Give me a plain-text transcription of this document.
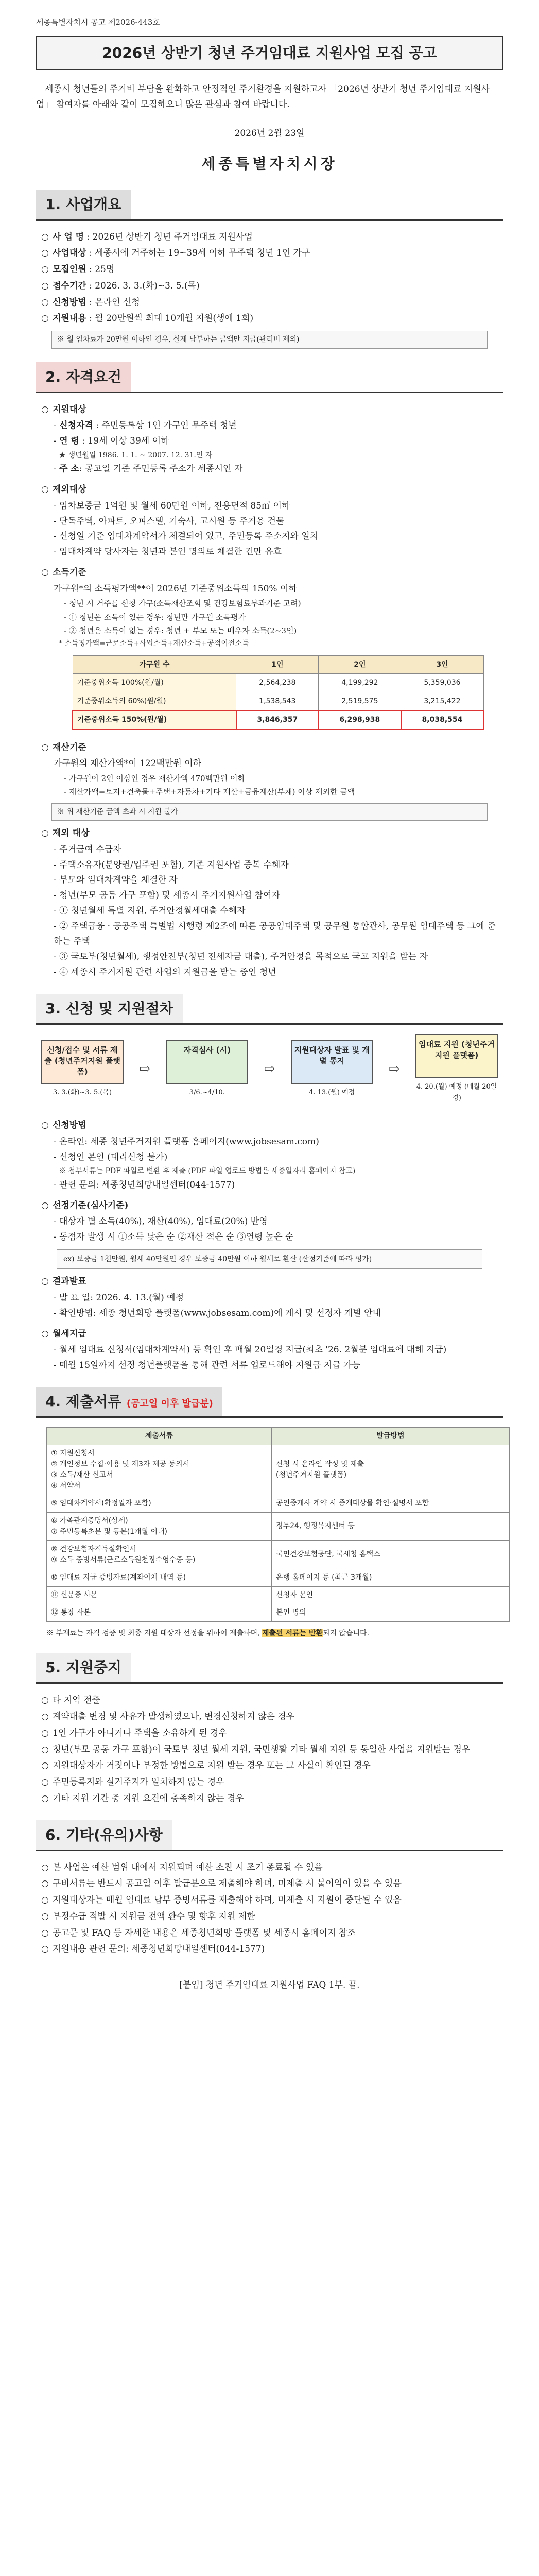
세종특별자치시 공고 제2026-443호
2026년 상반기 청년 주거임대료 지원사업 모집 공고

세종시 청년들의 주거비 부담을 완화하고 안정적인 주거환경을 지원하고자 「2026년 상반기 청년 주거임대료 지원사업」 참여자를 아래와 같이 모집하오니 많은 관심과 참여 바랍니다.

2026년 2월 23일
세종특별자치시장
1. 사업개요
○ 사 업 명 : 2026년 상반기 청년 주거임대료 지원사업
○ 사업대상 : 세종시에 거주하는 19~39세 이하 무주택 청년 1인 가구
○ 모집인원 : 25명
○ 접수기간 : 2026. 3. 3.(화)~3. 5.(목)
○ 신청방법 : 온라인 신청
○ 지원내용 : 월 20만원씩 최대 10개월 지원(생애 1회)
※ 월 임차료가 20만원 이하인 경우, 실제 납부하는 금액만 지급(관리비 제외)
2. 자격요건
○ 지원대상
- 신청자격 : 주민등록상 1인 가구인 무주택 청년
- 연 령 : 19세 이상 39세 이하
★ 생년월일 1986. 1. 1. ~ 2007. 12. 31.인 자
- 주 소: 공고일 기준 주민등록 주소가 세종시인 자
○ 제외대상
- 임차보증금 1억원 및 월세 60만원 이하, 전용면적 85㎡ 이하
- 단독주택, 아파트, 오피스텔, 기숙사, 고시원 등 주거용 건물
- 신청일 기준 임대차계약서가 체결되어 있고, 주민등록 주소지와 일치
- 임대차계약 당사자는 청년과 본인 명의로 체결한 건만 유효
○ 소득기준
가구원*의 소득평가액**이 2026년 기준중위소득의 150% 이하
- 청년 시 거주를 신청 가구(소득재산조회 및 건강보험료부과기준 고려)
- ① 청년은 소득이 있는 경우: 청년만 가구원 소득평가
- ② 청년은 소득이 없는 경우: 청년 + 부모 또는 배우자 소득(2~3인)
* 소득평가액=근로소득+사업소득+재산소득+공적이전소득
가구원 수	1인	2인	3인
기준중위소득 100%(원/월)	2,564,238	4,199,292	5,359,036
기준중위소득의 60%(원/월)	1,538,543	2,519,575	3,215,422
기준중위소득 150%(원/월)	3,846,357	6,298,938	8,038,554
○ 재산기준
가구원의 재산가액*이 122백만원 이하
- 가구원이 2인 이상인 경우 재산가액 470백만원 이하
- 재산가액=토지+건축물+주택+자동차+기타 재산+금융재산(부채) 이상 제외한 금액
※ 위 재산기준 금액 초과 시 지원 불가
○ 제외 대상
- 주거급여 수급자
- 주택소유자(분양권/입주권 포함), 기존 지원사업 중복 수혜자
- 부모와 임대차계약을 체결한 자
- 청년(부모 공동 가구 포함) 및 세종시 주거지원사업 참여자
- ① 청년월세 특별 지원, 주거안정월세대출 수혜자
- ② 주택금융 · 공공주택 특별법 시행령 제2조에 따른 공공임대주택 및 공무원 통합관사, 공무원 임대주택 등 그에 준하는 주택
- ③ 국토부(청년월세), 행정안전부(청년 전세자금 대출), 주거안정을 목적으로 국고 지원을 받는 자
- ④ 세종시 주거지원 관련 사업의 지원금을 받는 중인 청년
3. 신청 및 지원절차
신청/접수 및 서류 제출 (청년주거지원 플랫폼)
3. 3.(화)~3. 5.(목)
⇨
자격심사 (시)
3/6.~4/10.
⇨
지원대상자 발표 및 개별 통지
4. 13.(월) 예정
⇨
임대료 지원 (청년주거지원 플랫폼)
4. 20.(월) 예정 (매월 20일경)
○ 신청방법
- 온라인: 세종 청년주거지원 플랫폼 홈페이지(www.jobsesam.com)
- 신청인 본인 (대리신청 불가)
※ 첨부서류는 PDF 파일로 변환 후 제출 (PDF 파일 업로드 방법은 세종일자리 홈페이지 참고)
- 관련 문의: 세종청년희망내일센터(044-1577)
○ 선정기준(심사기준)
- 대상자 별 소득(40%), 재산(40%), 임대료(20%) 반영
- 동점자 발생 시 ①소득 낮은 순 ②재산 적은 순 ③연령 높은 순
ex) 보증금 1천만원, 월세 40만원인 경우 보증금 40만원 이하 월세로 환산 (산정기준에 따라 평가)
○ 결과발표
- 발 표 일: 2026. 4. 13.(월) 예정
- 확인방법: 세종 청년희망 플랫폼(www.jobsesam.com)에 게시 및 선정자 개별 안내
○ 월세지급
- 월세 임대료 신청서(임대차계약서) 등 확인 후 매월 20일경 지급(최초 '26. 2월분 임대료에 대해 지급)
- 매월 15일까지 선정 청년플랫폼을 통해 관련 서류 업로드해야 지원금 지급 가능
4. 제출서류 (공고일 이후 발급분)
제출서류	발급방법
① 지원신청서
② 개인정보 수집·이용 및 제3자 제공 동의서
③ 소득/재산 신고서
④ 서약서	신청 시 온라인 작성 및 제출
(청년주거지원 플랫폼)
⑤ 임대차계약서(확정일자 포함)	공인중개사 계약 시 중개대상물 확인·설명서 포함
⑥ 가족관계증명서(상세)
⑦ 주민등록초본 및 등본(1개월 이내)	정부24, 행정복지센터 등
⑧ 건강보험자격득실확인서
⑨ 소득 증빙서류(근로소득원천징수영수증 등)	국민건강보험공단, 국세청 홈택스
⑩ 임대료 지급 증빙자료(계좌이체 내역 등)	은행 홈페이지 등 (최근 3개월)
⑪ 신분증 사본	신청자 본인
⑫ 통장 사본	본인 명의
※ 부재료는 자격 검증 및 최종 지원 대상자 선정을 위하여 제출하며, 제출된 서류는 반환되지 않습니다.
5. 지원중지
○ 타 지역 전출
○ 계약대출 변경 및 사유가 발생하였으나, 변경신청하지 않은 경우
○ 1인 가구가 아니거나 주택을 소유하게 된 경우
○ 청년(부모 공동 가구 포함)이 국토부 청년 월세 지원, 국민생활 기타 월세 지원 등 동일한 사업을 지원받는 경우
○ 지원대상자가 거짓이나 부정한 방법으로 지원 받는 경우 또는 그 사실이 확인된 경우
○ 주민등록지와 실거주지가 일치하지 않는 경우
○ 기타 지원 기간 중 지원 요건에 충족하지 않는 경우
6. 기타(유의)사항
○ 본 사업은 예산 범위 내에서 지원되며 예산 소진 시 조기 종료될 수 있음
○ 구비서류는 반드시 공고일 이후 발급분으로 제출해야 하며, 미제출 시 불이익이 있을 수 있음
○ 지원대상자는 매월 임대료 납부 증빙서류를 제출해야 하며, 미제출 시 지원이 중단될 수 있음
○ 부정수급 적발 시 지원금 전액 환수 및 향후 지원 제한
○ 공고문 및 FAQ 등 자세한 내용은 세종청년희망 플랫폼 및 세종시 홈페이지 참조
○ 지원내용 관련 문의: 세종청년희망내일센터(044-1577)
[붙임] 청년 주거임대료 지원사업 FAQ 1부. 끝.
